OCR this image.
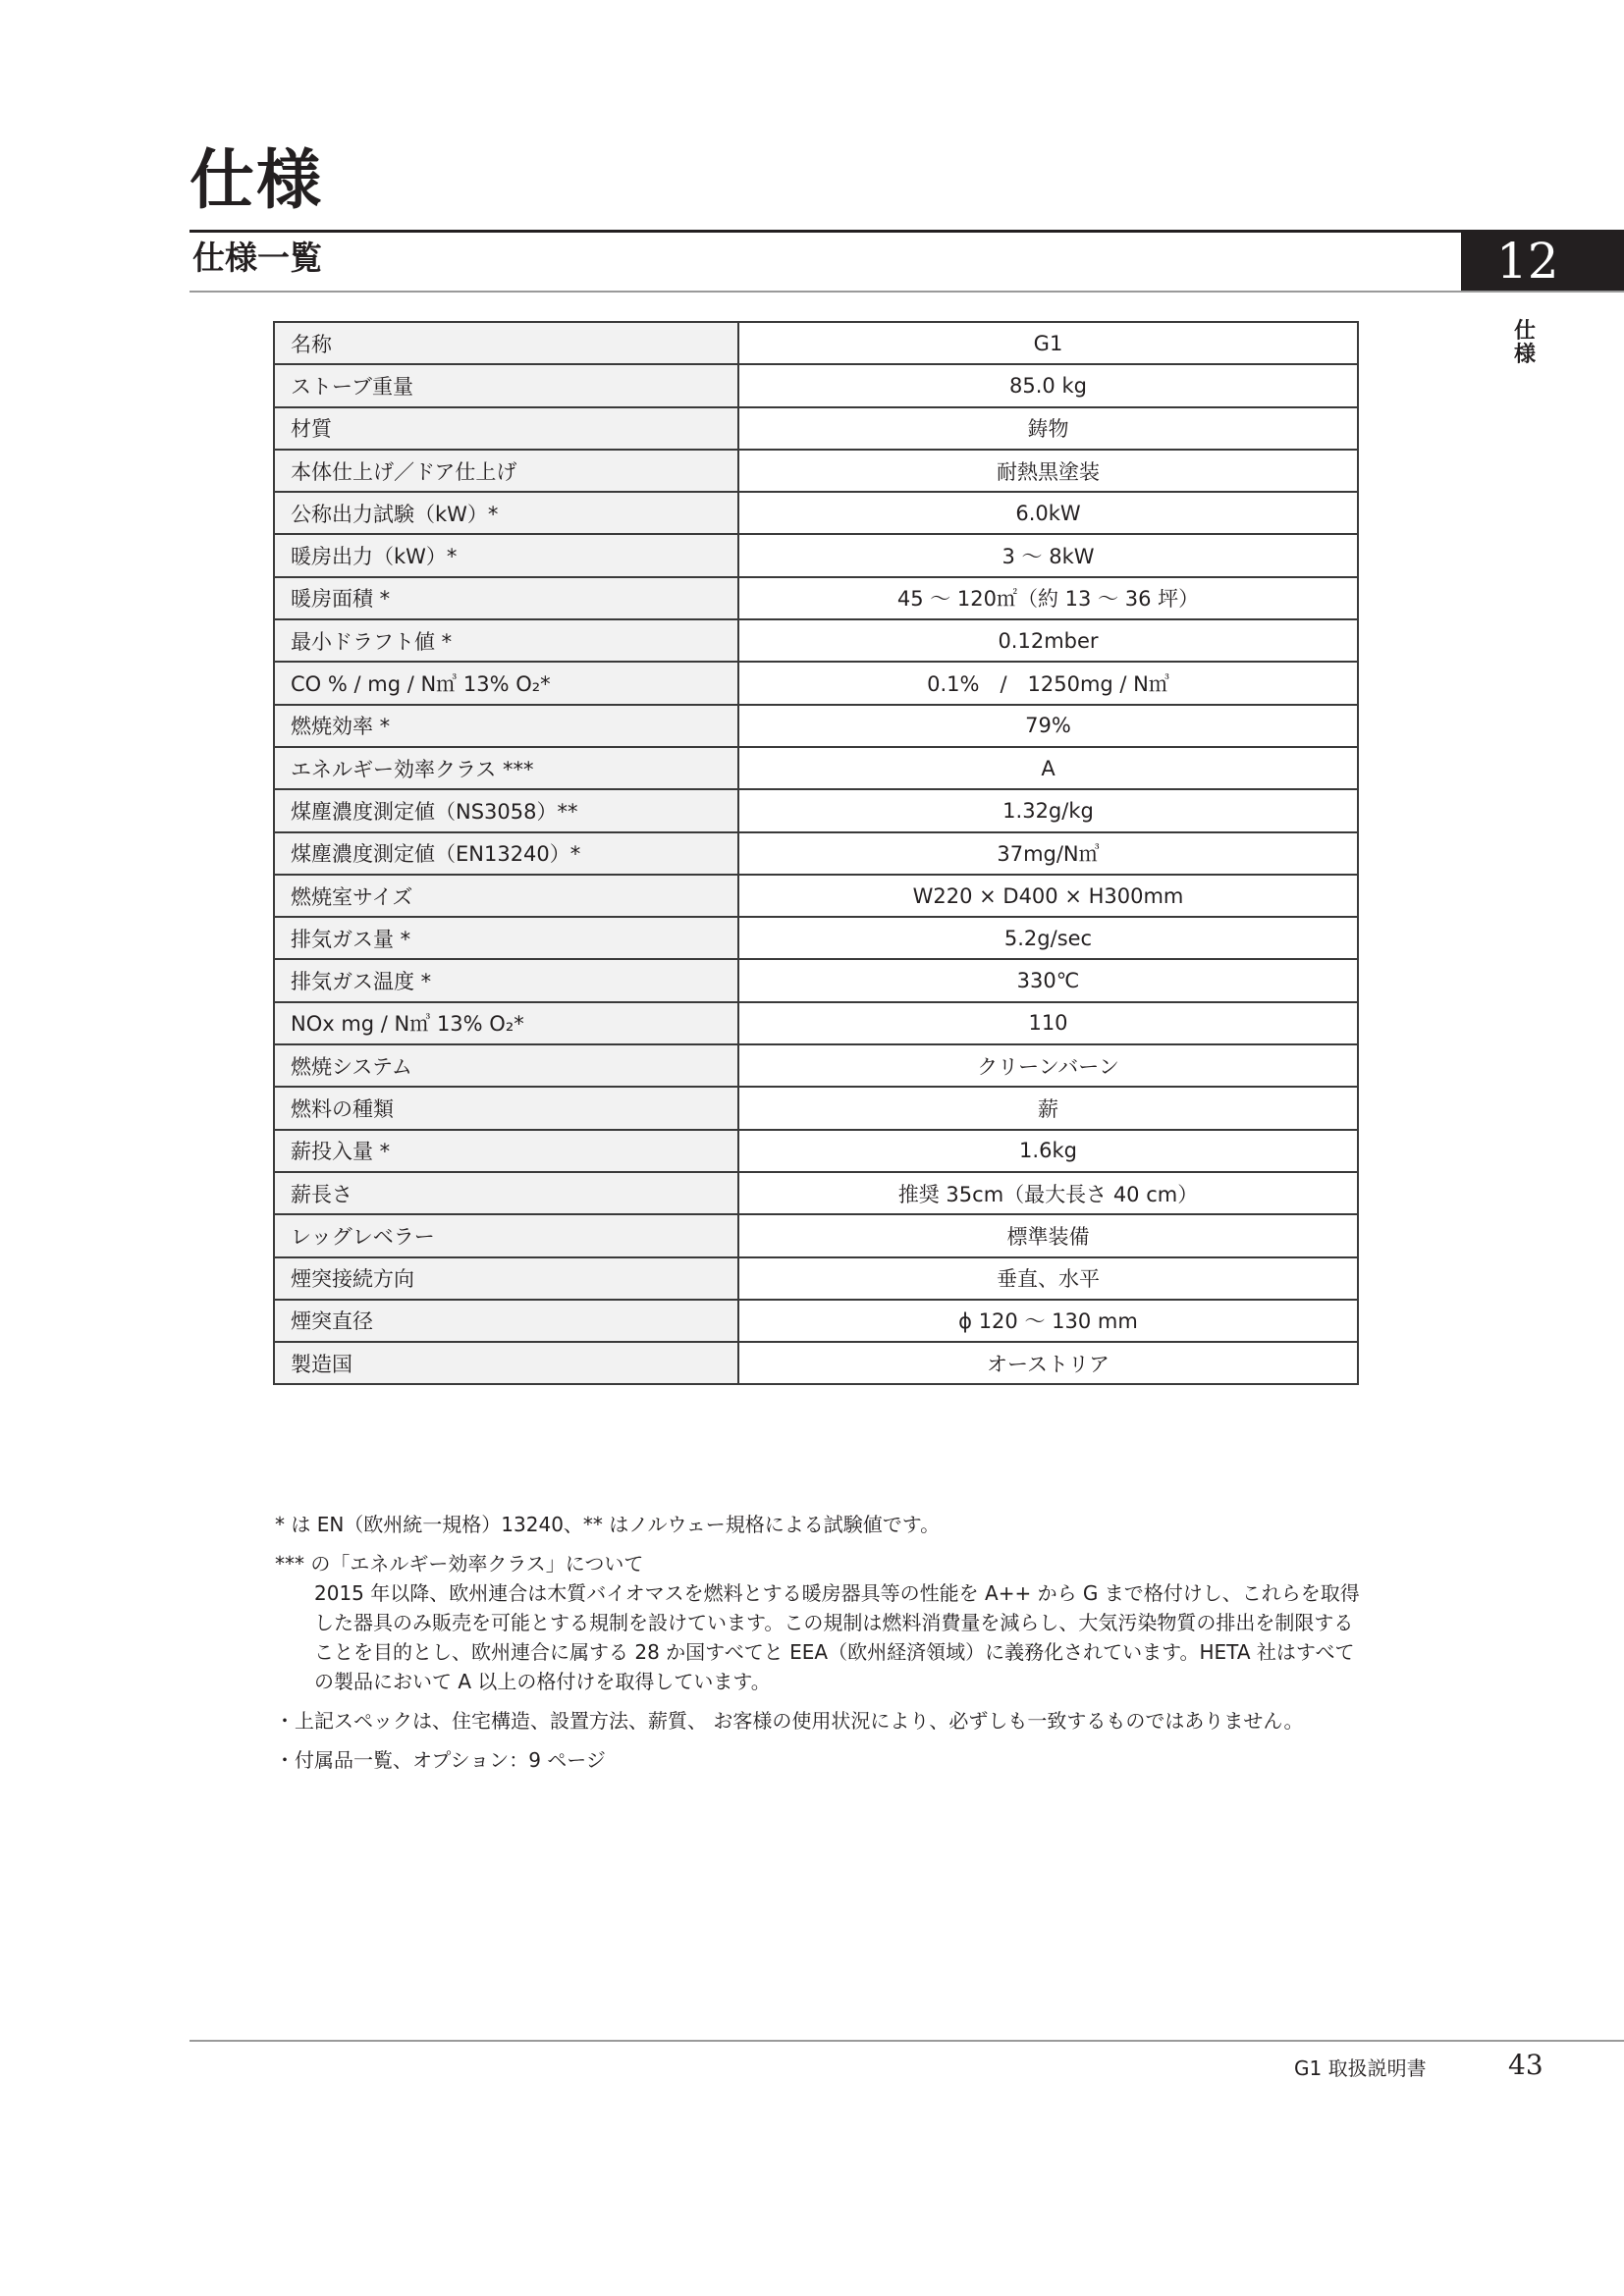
仕様
仕様一覧	12
仕
様
名称	G1
ストーブ重量	85.0 kg
材質	鋳物
本体仕上げ／ドア仕上げ	耐熱黒塗装
公称出力試験（kW）*	6.0kW
暖房出力（kW）*	3 ～ 8kW
暖房面積 *	45 ～ 120㎡（約 13 ～ 36 坪）
最小ドラフト値 *	0.12mber
CO % / mg / N㎥ 13% O₂*	0.1%　/　1250mg / N㎥
燃焼効率 *	79%
エネルギー効率クラス ***	A
煤塵濃度測定値（NS3058）**	1.32g/kg
煤塵濃度測定値（EN13240）*	37mg/N㎥
燃焼室サイズ	W220 × D400 × H300mm
排気ガス量 *	5.2g/sec
排気ガス温度 *	330℃
NOx mg / N㎥ 13% O₂*	110
燃焼システム	クリーンバーン
燃料の種類	薪
薪投入量 *	1.6kg
薪長さ	推奨 35cm（最大長さ 40 cm）
レッグレベラー	標準装備
煙突接続方向	垂直、水平
煙突直径	ϕ 120 ～ 130 mm
製造国	オーストリア

* は EN（欧州統一規格）13240、** はノルウェー規格による試験値です。

*** の「エネルギー効率クラス」について

2015 年以降、欧州連合は木質バイオマスを燃料とする暖房器具等の性能を A++ から G まで格付けし、これらを取得した器具のみ販売を可能とする規制を設けています。この規制は燃料消費量を減らし、大気汚染物質の排出を制限することを目的とし、欧州連合に属する 28 か国すべてと EEA（欧州経済領域）に義務化されています。HETA 社はすべての製品において A 以上の格付けを取得しています。

・上記スペックは、住宅構造、設置方法、薪質、 お客様の使用状況により、必ずしも一致するものではありません。

・付属品一覧、オプション：9 ページ

G1 取扱説明書	43
